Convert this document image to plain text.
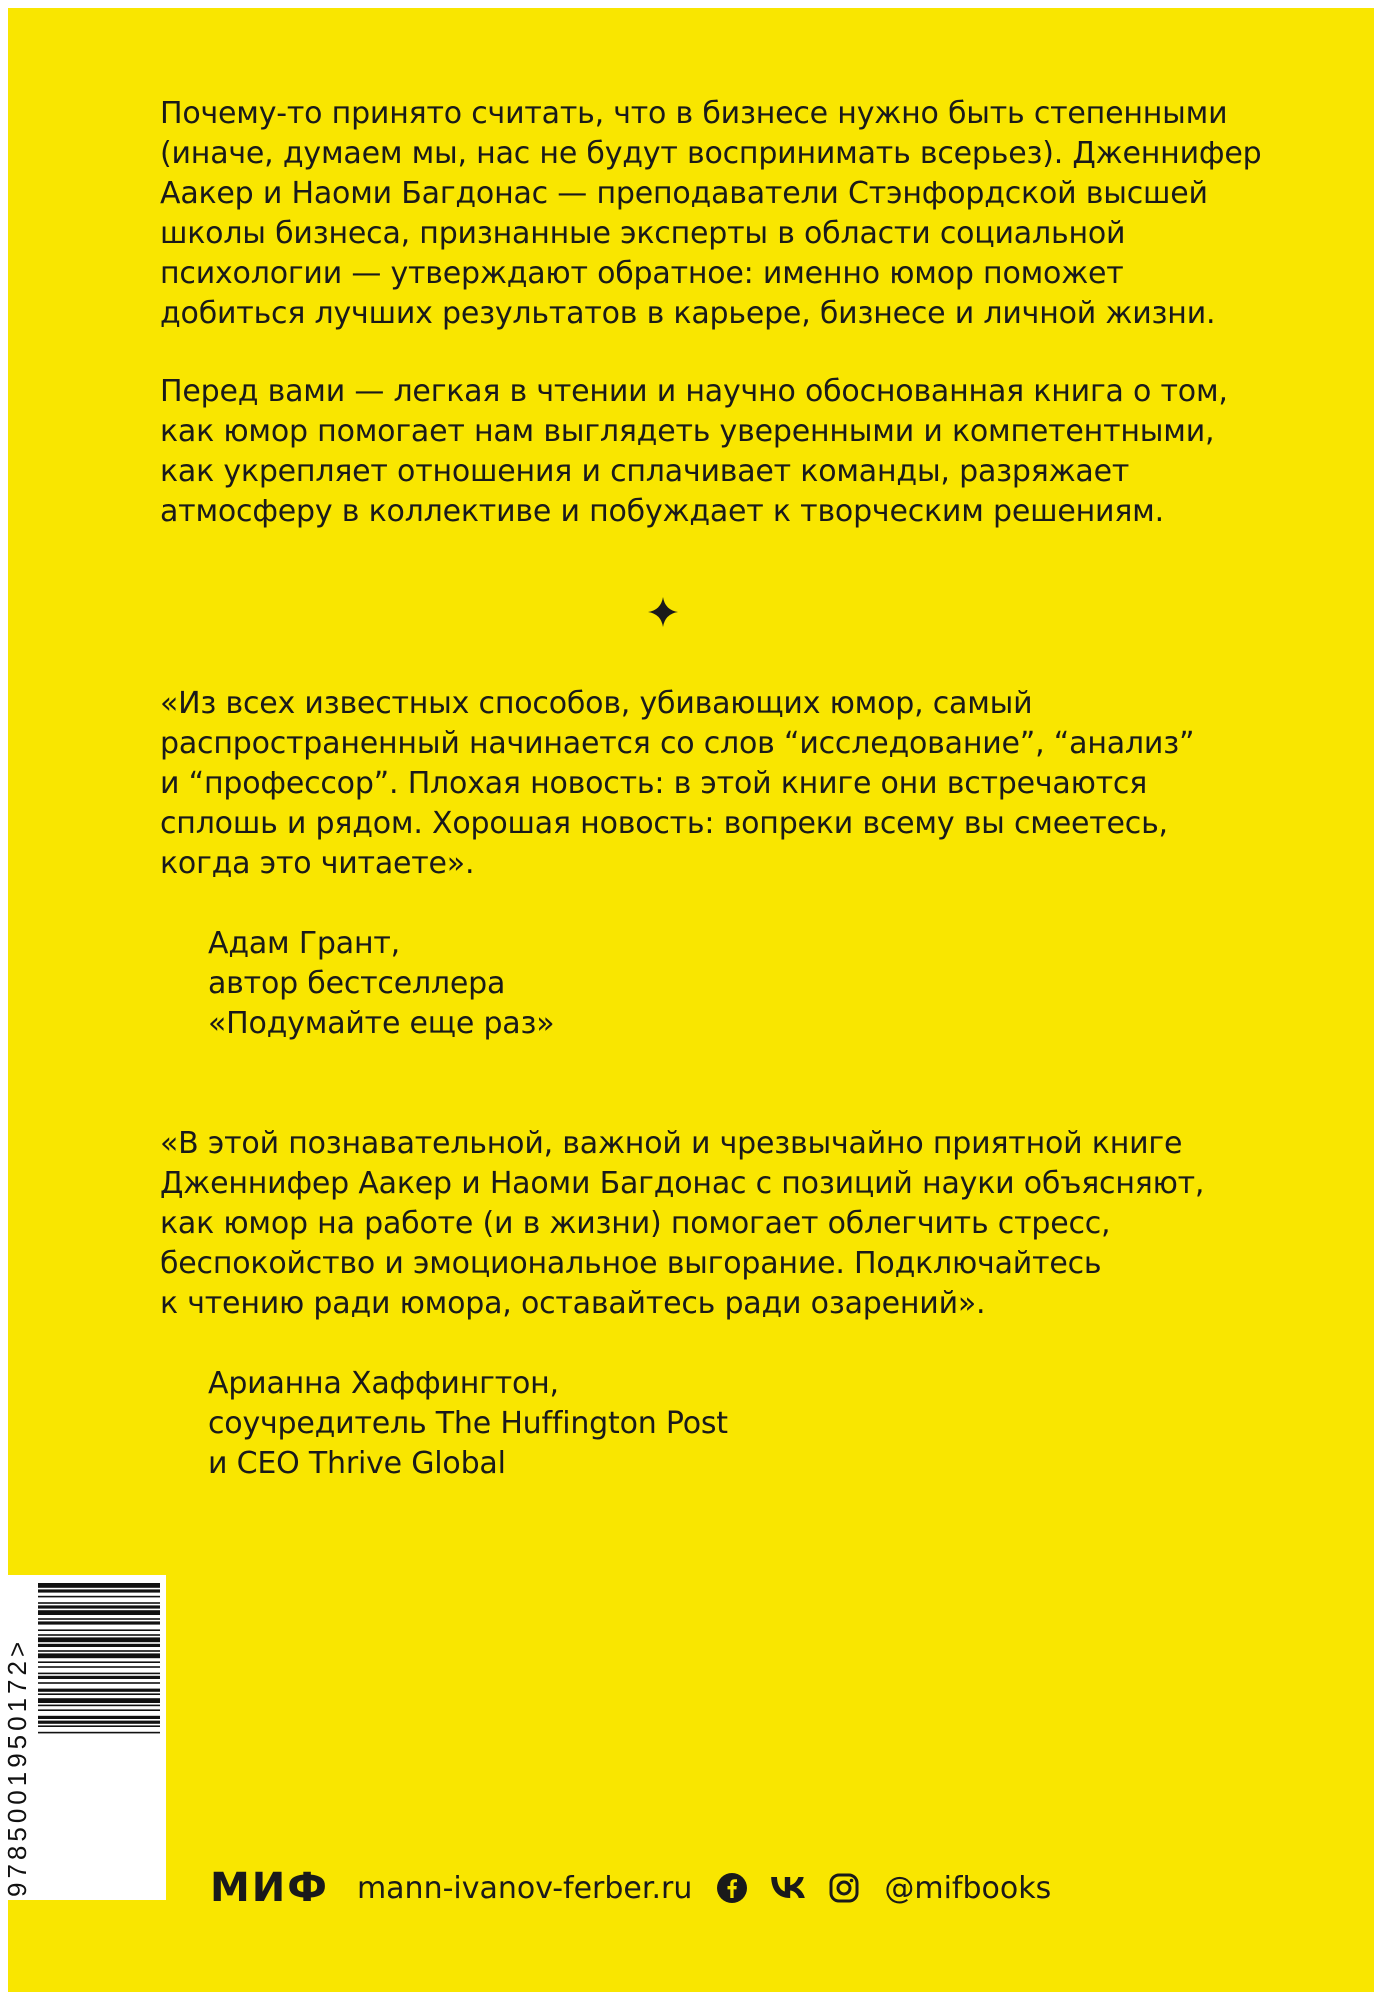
Почему-то принято считать, что в бизнесе нужно быть степенными
(иначе, думаем мы, нас не будут воспринимать всерьез). Дженнифер
Аакер и Наоми Багдонас — преподаватели Стэнфордской высшей
школы бизнеса, признанные эксперты в области социальной
психологии — утверждают обратное: именно юмор поможет
добиться лучших результатов в карьере, бизнесе и личной жизни.
Перед вами — легкая в чтении и научно обоснованная книга о том,
как юмор помогает нам выглядеть уверенными и компетентными,
как укрепляет отношения и сплачивает команды, разряжает
атмосферу в коллективе и побуждает к творческим решениям.
«Из всех известных способов, убивающих юмор, самый
распространенный начинается со слов “исследование”, “анализ”
и “профессор”. Плохая новость: в этой книге они встречаются
сплошь и рядом. Хорошая новость: вопреки всему вы смеетесь,
когда это читаете».
Адам Грант,
автор бестселлера
«Подумайте еще раз»
«В этой познавательной, важной и чрезвычайно приятной книге
Дженнифер Аакер и Наоми Багдонас с позиций науки объясняют,
как юмор на работе (и в жизни) помогает облегчить стресс,
беспокойство и эмоциональное выгорание. Подключайтесь
к чтению ради юмора, оставайтесь ради озарений».
Арианна Хаффингтон,
соучредитель The Huffington Post
и CEO Thrive Global
9785001950172>	МИФ mann-ivanov-ferber.ru	@mifbooks
